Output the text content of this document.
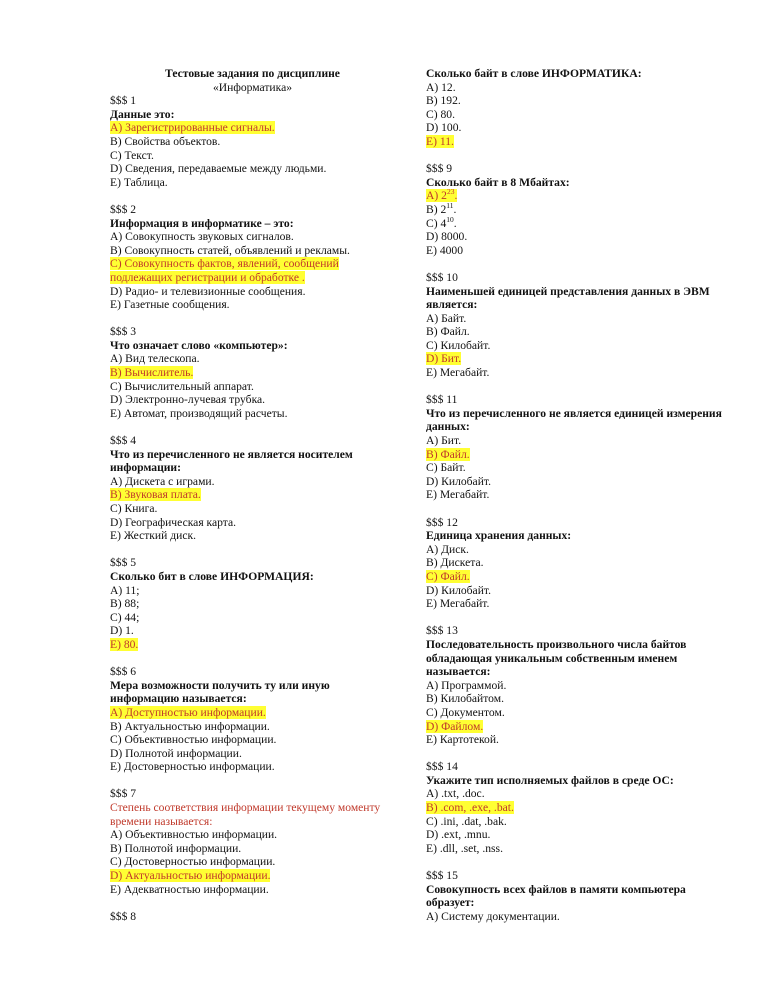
Тестовые задания по дисциплине
«Информатика»
$$$ 1
Данные это:
A) Зарегистрированные сигналы.
B) Свойства объектов.
C) Текст.
D) Сведения, передаваемые между людьми.
E) Таблица.
$$$ 2
Информация в информатике – это:
A) Совокупность звуковых сигналов.
B) Совокупность статей, объявлений и рекламы.
C) Совокупность фактов, явлений, сообщений подлежащих регистрации и обработке .
D) Радио- и телевизионные сообщения.
E) Газетные сообщения.
$$$ 3
Что означает слово «компьютер»:
A) Вид телескопа.
B) Вычислитель.
C) Вычислительный аппарат.
D) Электронно-лучевая трубка.
E) Автомат, производящий расчеты.
$$$ 4
Что из перечисленного не является носителем информации:
A) Дискета с играми.
B) Звуковая плата.
C) Книга.
D) Географическая карта.
E) Жесткий диск.
$$$ 5
Сколько бит в слове ИНФОРМАЦИЯ:
A) 11;
B) 88;
C) 44;
D) 1.
E) 80.
$$$ 6
Мера возможности получить ту или иную информацию называется:
A) Доступностью информации.
B) Актуальностью информации.
C) Объективностью информации.
D) Полнотой информации.
E) Достоверностью информации.
$$$ 7
Степень соответствия информации текущему моменту времени называется:
A) Объективностью информации.
B) Полнотой информации.
C) Достоверностью информации.
D) Актуальностью информации.
E) Адекватностью информации.
$$$ 8
Сколько байт в слове ИНФОРМАТИКА:
A) 12.
B) 192.
C) 80.
D) 100.
E) 11.
$$$ 9
Сколько байт в 8 Мбайтах:
A) $2^{23}$.
B) $2^{11}$.
C) $4^{10}$.
D) 8000.
E) 4000
$$$ 10
Наименьшей единицей представления данных в ЭВМ является:
A) Байт.
B) Файл.
C) Килобайт.
D) Бит.
E) Мегабайт.
$$$ 11
Что из перечисленного не является единицей измерения данных:
A) Бит.
B) Файл.
C) Байт.
D) Килобайт.
E) Мегабайт.
$$$ 12
Единица хранения данных:
A) Диск.
B) Дискета.
C) Файл.
D) Килобайт.
E) Мегабайт.
$$$ 13
Последовательность произвольного числа байтов обладающая уникальным собственным именем называется:
A) Программой.
B) Килобайтом.
C) Документом.
D) Файлом.
E) Картотекой.
$$$ 14
Укажите тип исполняемых файлов в среде ОС:
A) .txt, .doc.
B) .com, .exe, .bat.
C) .ini, .dat, .bak.
D) .ext, .mnu.
E) .dll, .set, .nss.
$$$ 15
Совокупность всех файлов в памяти компьютера образует:
A) Систему документации.
